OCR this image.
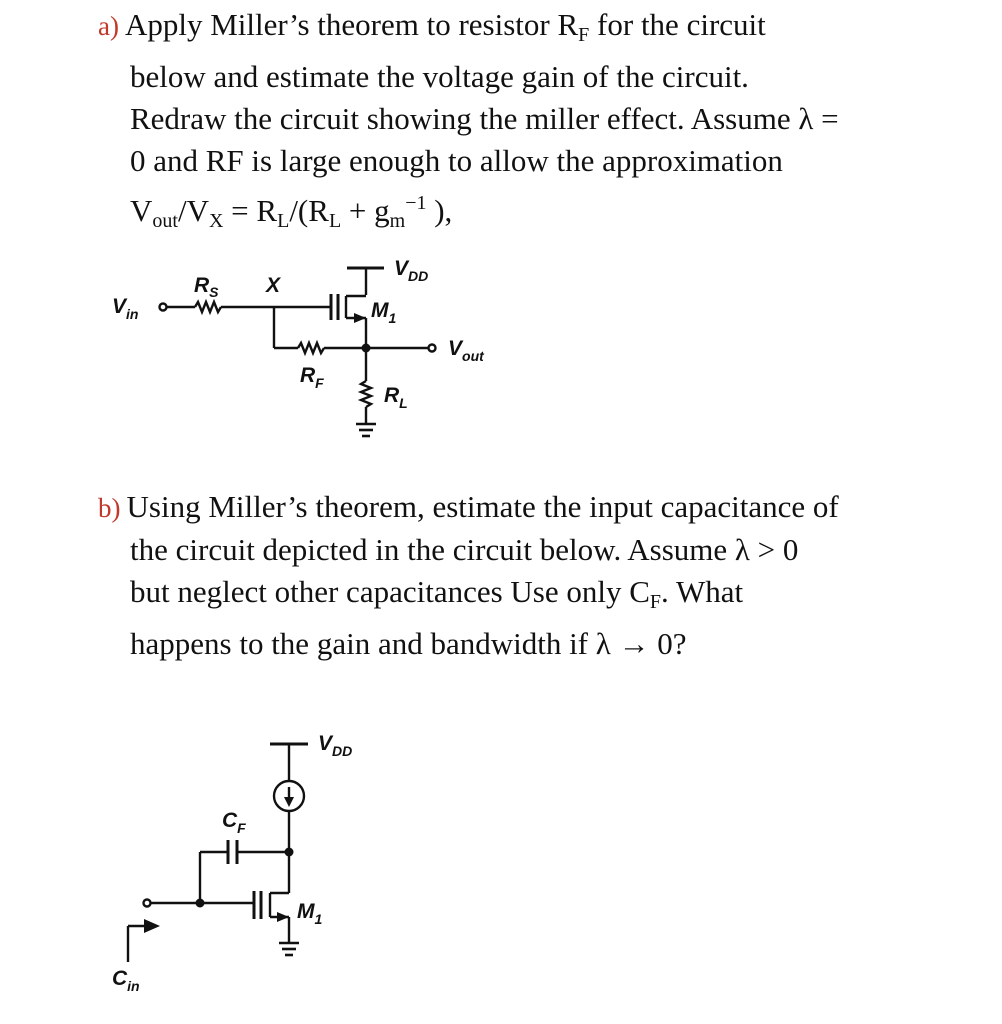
a) Apply Miller’s theorem to resistor $R_F$ for the circuit
below and estimate the voltage gain of the circuit.
Redraw the circuit showing the miller effect. Assume λ =
0 and RF is large enough to allow the approximation
$V_{out}/V_X = R_L/(R_L + g_m^{-1}$ ),
$V_{DD}$
$R_S$ X
$V_{in}$	$M_1$
$V_{out}$
$R_F$
$R_L$
b) Using Miller’s theorem, estimate the input capacitance of
the circuit depicted in the circuit below. Assume λ > 0
but neglect other capacitances Use only $C_F$. What
happens to the gain and bandwidth if λ → 0?
$V_{DD}$
$C_F$
$M_1$
$C_{in}$
